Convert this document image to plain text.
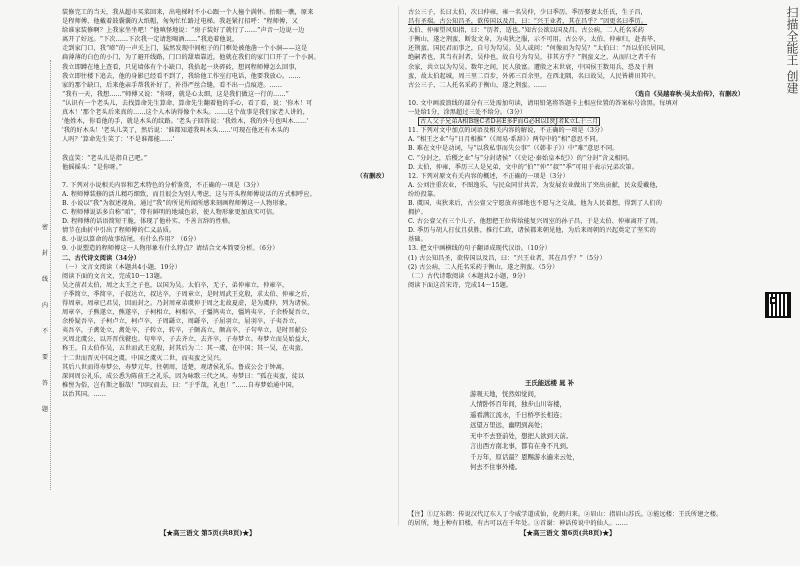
密
封
线
内
不
要
答
题

装修完工的当天，我从超市买菜回来，出电梯时不小心跟一个人撞个满怀。抬眼一瞧，原来

是程师傅，他戴着鼓囊囊的大纸帽，匆匆忙忙路过电梯。我赶紧打招呼：“程师傅，又

给谁家装修啊？上我家坐坐吧！”他嗔怪地说：“房子装好了就行了……”声音一边说一边

离开了好远。“下次……下次我一定请您喝酒……”我追着他说，

走到家门口，我“嘭”的一声关上门，猛然发现中间柜子的门框处被他凿一个小洞——这是

扁薄薄的白色的小门，为了避开线路，门口的甜墙靠近，他就在我们的家门口开了一个小洞。

我立即蹲在地上查看，只见墙体有个小缺口，我拾起一块碎砖，想问程师傅怎么回事，

我立即往楼下追去，他的身影已经看不到了，我给他工作室打电话，他要我放心。……

家的那个缺口，后来他亲手帮我补好了，补得严丝合缝，看不出一点痕迹。……

“我有一天，我想……”师傅又说：“你呀，就是心太细，这是我们做这一行的……”

“认识有一个老头儿，去找算命先生算命，算命先生翻着他的手心，看了看，说：'你木！可

真木！'那个老头后来真的……这个人木讷得像个木头。……这个故事是我们家老人讲的，

'他姓木，你看他的手，就是木头的纹路。'老头子回答说：'我姓木，我的外号也叫木……'

'我的好木头！'老头儿笑了，然后说：'谁都知道我叫木头……'可现在他还有木头的

人吗？'算命先生笑了：'不是谁都能……'

我直笑：“老头儿是指自己吧。”

他摇摇头：“是你呀。”

（有删改）

7. 下列对小说相关内容和艺术特色的分析鉴赏，不正确的一项是（3分）

A. 程师傅装修的活儿精巧细致，而且很会为别人考虑，这与开头程师傅说话的方式相呼应。

B. 小说以“我”为叙述视角，通过“我”的所见所闻所感来刻画程师傅这一人物形象。

C. 程师傅说话多自称“咱”，带有鲜明的地域色彩，使人物形象更加真实可信。

D. 程师傅的话语简短干脆，体现了他朴实、不善言辞的性格。

情节在曲折中引出了程师傅的仁义品质。

8. 小说以算命的故事结尾，有什么作用？（6分）

9. 小说塑造的程师傅这一人物形象有什么特点？请结合文本简要分析。（6分）

二、古代诗文阅读（34分）

（一）文言文阅读（本题共4小题，19分）

阅读下面的文言文，完成10～13题。

吴之前君太伯，周之太王之子也，以国为吴。太伯卒，无子，弟仲雍立，仲雍卒，

子季简立，季简卒，子叔达立，叔达卒，子周章立，是时周武王克殷，求太伯、仲雍之后，

得周章。周章已君吴，因而封之。乃封周章弟虞仲于周之北故夏虚，是为虞仲，列为诸侯。

周章卒，子熊遂立，熊遂卒，子柯相立，柯相卒，子彊鸠夷立，彊鸠夷卒，子余桥疑吾立，

余桥疑吾卒，子柯卢立，柯卢卒，子周繇立，周繇卒，子屈羽立，屈羽卒，子夷吾立，

夷吾卒，子禽处立，禽处卒，子转立，转卒，子颇高立，颇高卒，子句卑立，是时晋献公

灭周北虞公，以开晋伐虢也。句卑卒，子去齐立，去齐卒，子寿梦立。寿梦立而吴始益大，

称王。自太伯作吴，五世而武王克殷，封其后为二：其一虞，在中国；其一吴，在夷蛮。

十二世而晋灭中国之虞。中国之虞灭二世，而夷蛮之吴兴。

其后八世而得寿梦公，寿梦元年，往朝周，适楚，观诸侯礼乐。鲁成公会于钟离，

深问周公礼乐，成公悉为陈前王之礼乐，因为咏歌三代之风。寿梦曰：“孤在夷蛮，徒以

椎髻为俗，岂有斯之服哉！”因叹而去，曰：“于乎哉，礼也！”……自寿梦始通中国，

以治其国。……

【★高三语文 第5页(共8页)★】

古公三子，长曰太伯，次曰仲雍，雍一名吴仲，少曰季历。季历娶妻太任氏，生子昌，

昌有圣瑞。古公知昌圣，欲传国以及昌，曰：“兴王业者，其在昌乎？”因更名曰季历。

太伯、仲雍望风知指，曰：“历者，适也。”知古公欲以国及昌。古公病，二人托名采药

于衡山，遂之荆蛮，断发文身，为夷狄之服，示不可用。古公卒，太伯、仲雍归，赴丧毕，

还荆蛮。国民君而事之，自号为勾吴。吴人或问：“何像而为勾吴？”太伯曰：“吾以伯长居国，

绝嗣者也，其当有封者，吴仲也，故自号为勾吴，非其方乎？”荆蛮义之，从而归之者千有

余家，共立以为勾吴。数年之间，民人殷富。遭殷之末世衰，中国侯王数用兵，恐及于荆

蛮，故太伯起城，周三里二百步，外郭三百余里，在西北隅，名曰故吴，人民皆耕田其中。

古公三子，二人托名采药于衡山，遂之荆蛮。……

（选自《吴越春秋·吴太伯传》，有删改）

10. 文中画波浪线的部分有三处需加句读，请用铅笔将答题卡上相应位置的答案标号涂黑。每填对

一处给1分，涂黑超过三处不给分。（3分）

古人父子兄弟A相B继C者D甚E多F而G必H以I贤J者K立L于三月

11. 下列对文中加点的词语及相关内容的解说，不正确的一项是（3分）

A. “相王之业”与“日月相推”（《周易·系辞》）两句中的“相”意思不同。

B. 难在文中是动词，与“以我私事而失公事”（《韩非子》）中“难”意思不同。

C. “分封之，后稷之业”与“分封诸侯”（《史记·秦始皇本纪》）的“分封”含义相同。

D. 太伯，仲雍，季历三人是兄弟，文中的“伯”“仲”“叔”“季”可用于表示兄弟次第。

12. 下列对原文有关内容的概述，不正确的一项是（3分）

A. 公刘注重农业，不图逸乐，与民众同甘共苦，为发展农业做出了突出贡献，民众爱戴他，

纷纷投靠。

B. 虞国，夷狄来后，古公亶父宁愿放弃邠地也不愿与之交战，他为人民着想，得到了人们的

拥护。

C. 古公亶父有三个儿子，他想把王位传给能复兴周室的孙子昌，于是太伯、仲雍离开了周。

D. 季历与胡人打仗且获胜，推行仁政，诸侯都来朝见他，为后来周朝的兴起奠定了坚实的

基础。

13. 把文中画横线的句子翻译成现代汉语。（10分）

(1) 古公知昌圣，欲传国以及昌，曰：“兴王业者，其在昌乎？”（5分）

(2) 古公病，二人托名采药于衡山，遂之荆蛮。（5分）

（二）古代诗歌阅读（本题共2小题，9分）

阅读下面这首宋诗，完成14～15题。

王氏能远楼 晁 补

游观天地，恍然如觉间，

人情卧怀百年间，独步山川寄楼，

遥看满江流水，千日桥亭长相连；

远望万里远，幽明到高处；

无中不去登前处，想把人欲到天前。

言出西方南北事，都有在身不凡到。

千万年，原话最？恩赐游水遍来云处，

何去不住事外楼。

【注】①辽东鹤：传说汉代辽东人丁令威学道成仙，化鹤归来。②眉山：指眉山苏氏。③能远楼：王氏所建之楼。

的居所，地上种有旧楼，有古可以在千年处。③首谢：神话传说中的仙人。……

【★高三语文 第6页(共8页)★】
扫描全能王 创建
